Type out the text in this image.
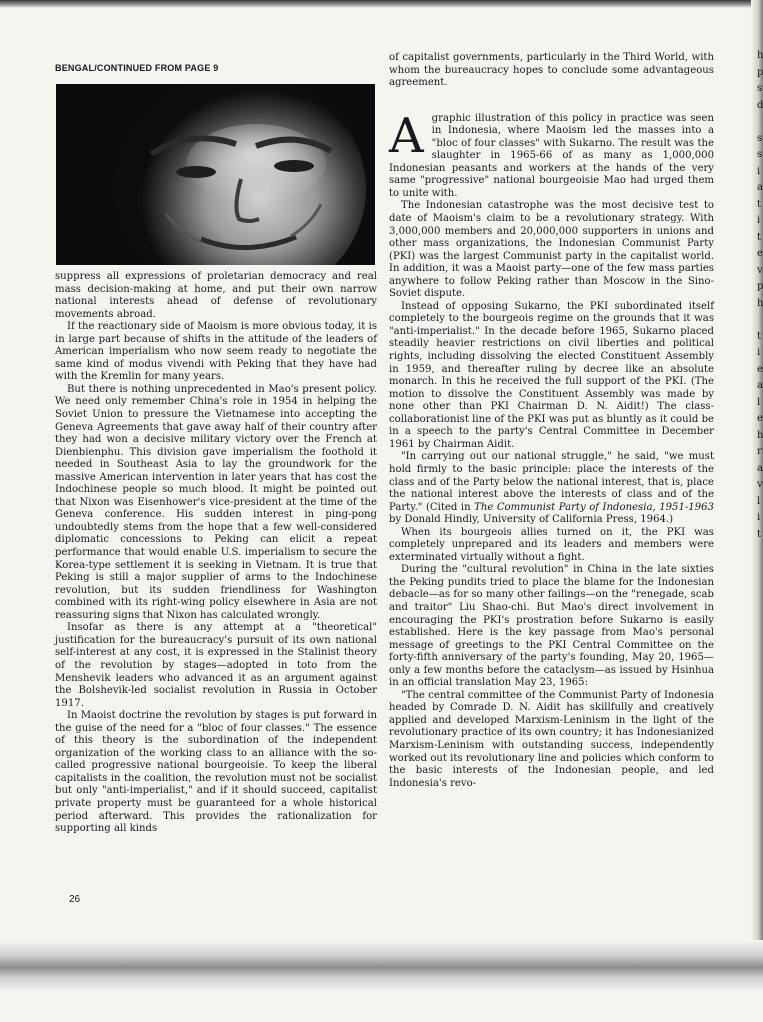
BENGAL/CONTINUED FROM PAGE 9

suppress all expressions of proletarian democracy and real mass decision-making at home, and put their own narrow national interests ahead of defense of revolutionary movements abroad.

If the reactionary side of Maoism is more obvious today, it is in large part because of shifts in the attitude of the leaders of American imperialism who now seem ready to negotiate the same kind of modus vivendi with Peking that they have had with the Kremlin for many years.

But there is nothing unprecedented in Mao's present policy. We need only remember China's role in 1954 in helping the Soviet Union to pressure the Vietnamese into accepting the Geneva Agreements that gave away half of their country after they had won a decisive military victory over the French at Dienbienphu. This division gave imperialism the foothold it needed in Southeast Asia to lay the groundwork for the massive American intervention in later years that has cost the Indochinese people so much blood. It might be pointed out that Nixon was Eisenhower's vice-president at the time of the Geneva conference. His sudden interest in ping-pong undoubtedly stems from the hope that a few well-considered diplomatic concessions to Peking can elicit a repeat performance that would enable U.S. imperialism to secure the Korea-type settlement it is seeking in Vietnam. It is true that Peking is still a major supplier of arms to the Indochinese revolution, but its sudden friendliness for Washington combined with its right-wing policy elsewhere in Asia are not reassuring signs that Nixon has calculated wrongly.

Insofar as there is any attempt at a "theoretical" justification for the bureaucracy's pursuit of its own national self-interest at any cost, it is expressed in the Stalinist theory of the revolution by stages—adopted in toto from the Menshevik leaders who advanced it as an argument against the Bolshevik-led socialist revolution in Russia in October 1917.

In Maoist doctrine the revolution by stages is put forward in the guise of the need for a "bloc of four classes." The essence of this theory is the subordination of the independent organization of the working class to an alliance with the so-called progressive national bourgeoisie. To keep the liberal capitalists in the coalition, the revolution must not be socialist but only "anti-imperialist," and if it should succeed, capitalist private property must be guaranteed for a whole historical period afterward. This provides the rationalization for supporting all kinds

of capitalist governments, particularly in the Third World, with whom the bureaucracy hopes to conclude some advantageous agreement.

Agraphic illustration of this policy in practice was seen in Indonesia, where Maoism led the masses into a "bloc of four classes" with Sukarno. The result was the slaughter in 1965-66 of as many as 1,000,000 Indonesian peasants and workers at the hands of the very same "progressive" national bourgeoisie Mao had urged them to unite with.

The Indonesian catastrophe was the most decisive test to date of Maoism's claim to be a revolutionary strategy. With 3,000,000 members and 20,000,000 supporters in unions and other mass organizations, the Indonesian Communist Party (PKI) was the largest Communist party in the capitalist world. In addition, it was a Maoist party—one of the few mass parties anywhere to follow Peking rather than Moscow in the Sino-Soviet dispute.

Instead of opposing Sukarno, the PKI subordinated itself completely to the bourgeois regime on the grounds that it was "anti-imperialist." In the decade before 1965, Sukarno placed steadily heavier restrictions on civil liberties and political rights, including dissolving the elected Constituent Assembly in 1959, and thereafter ruling by decree like an absolute monarch. In this he received the full support of the PKI. (The motion to dissolve the Constituent Assembly was made by none other than PKI Chairman D. N. Aidit!) The class-collaborationist line of the PKI was put as bluntly as it could be in a speech to the party's Central Committee in December 1961 by Chairman Aidit.

"In carrying out our national struggle," he said, "we must hold firmly to the basic principle: place the interests of the class and of the Party below the national interest, that is, place the national interest above the interests of class and of the Party." (Cited in The Communist Party of Indonesia, 1951-1963 by Donald Hindly, University of California Press, 1964.)

When its bourgeois allies turned on it, the PKI was completely unprepared and its leaders and members were exterminated virtually without a fight.

During the "cultural revolution" in China in the late sixties the Peking pundits tried to place the blame for the Indonesian debacle—as for so many other failings—on the "renegade, scab and traitor" Liu Shao-chi. But Mao's direct involvement in encouraging the PKI's prostration before Sukarno is easily established. Here is the key passage from Mao's personal message of greetings to the PKI Central Committee on the forty-fifth anniversary of the party's founding, May 20, 1965—only a few months before the cataclysm—as issued by Hsinhua in an official translation May 23, 1965:

"The central committee of the Communist Party of Indonesia headed by Comrade D. N. Aidit has skillfully and creatively applied and developed Marxism-Leninism in the light of the revolutionary practice of its own country; it has Indonesianized Marxism-Leninism with outstanding success, independently worked out its revolutionary line and policies which conform to the basic interests of the Indonesian people, and led Indonesia's revo-

h
p
s
d
s
s
i
a
t
i
t
e
v
p
h
t
i
e
a
l
e
h
r
a
v
l
i
t
26
